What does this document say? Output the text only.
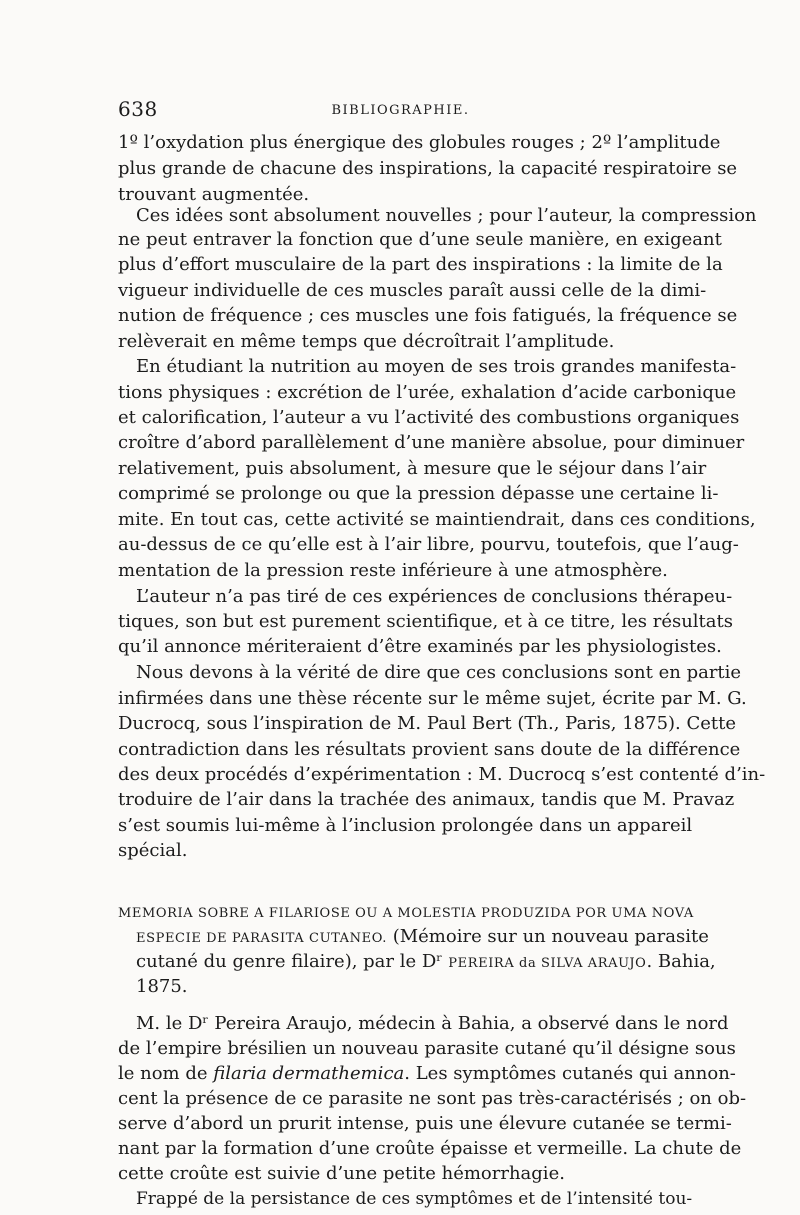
638	BIBLIOGRAPHIE.
1º l’oxydation plus énergique des globules rouges ; 2º l’amplitude
plus grande de chacune des inspirations, la capacité respiratoire se
trouvant augmentée.
Ces idées sont absolument nouvelles ; pour l’auteur, la compression
ne peut entraver la fonction que d’une seule manière, en exigeant
plus d’effort musculaire de la part des inspirations : la limite de la
vigueur individuelle de ces muscles paraît aussi celle de la dimi-
nution de fréquence ; ces muscles une fois fatigués, la fréquence se
relèverait en même temps que décroîtrait l’amplitude.
En étudiant la nutrition au moyen de ses trois grandes manifesta-
tions physiques : excrétion de l’urée, exhalation d’acide carbonique
et calorification, l’auteur a vu l’activité des combustions organiques
croître d’abord parallèlement d’une manière absolue, pour diminuer
relativement, puis absolument, à mesure que le séjour dans l’air
comprimé se prolonge ou que la pression dépasse une certaine li-
mite. En tout cas, cette activité se maintiendrait, dans ces conditions,
au-dessus de ce qu’elle est à l’air libre, pourvu, toutefois, que l’aug-
mentation de la pression reste inférieure à une atmosphère.
L’auteur n’a pas tiré de ces expériences de conclusions thérapeu-
tiques, son but est purement scientifique, et à ce titre, les résultats
qu’il annonce mériteraient d’être examinés par les physiologistes.
Nous devons à la vérité de dire que ces conclusions sont en partie
infirmées dans une thèse récente sur le même sujet, écrite par M. G.
Ducrocq, sous l’inspiration de M. Paul Bert (Th., Paris, 1875). Cette
contradiction dans les résultats provient sans doute de la différence
des deux procédés d’expérimentation : M. Ducrocq s’est contenté d’in-
troduire de l’air dans la trachée des animaux, tandis que M. Pravaz
s’est soumis lui-même à l’inclusion prolongée dans un appareil
spécial.
MEMORIA SOBRE A FILARIOSE OU A MOLESTIA PRODUZIDA POR UMA NOVA
ESPECIE DE PARASITA CUTANEO. (Mémoire sur un nouveau parasite
cutané du genre filaire), par le Dʳ PEREIRA da SILVA ARAUJO. Bahia,
1875.
M. le Dʳ Pereira Araujo, médecin à Bahia, a observé dans le nord
de l’empire brésilien un nouveau parasite cutané qu’il désigne sous
le nom de filaria dermathemica. Les symptômes cutanés qui annon-
cent la présence de ce parasite ne sont pas très-caractérisés ; on ob-
serve d’abord un prurit intense, puis une élevure cutanée se termi-
nant par la formation d’une croûte épaisse et vermeille. La chute de
cette croûte est suivie d’une petite hémorrhagie.
Frappé de la persistance de ces symptômes et de l’intensité tou-
